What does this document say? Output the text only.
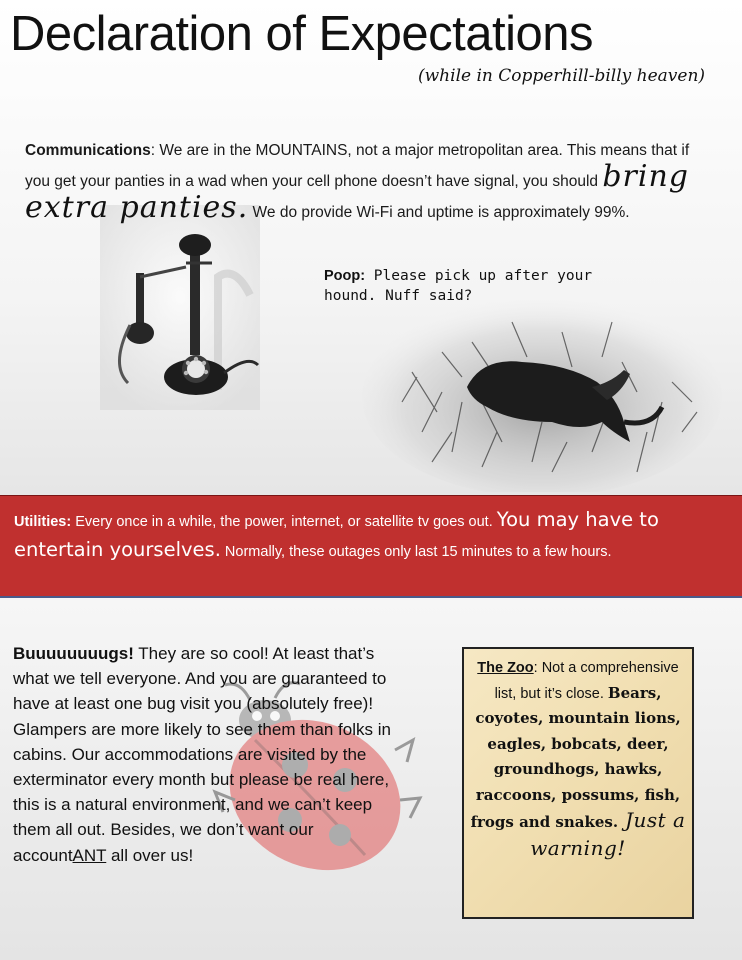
Declaration of Expectations
(while in Copperhill-billy heaven)
Communications: We are in the MOUNTAINS, not a major metropolitan area. This means that if you get your panties in a wad when your cell phone doesn’t have signal, you should bring extra panties. We do provide Wi-Fi and uptime is approximately 99%.
Poop: Please pick up after your hound. Nuff said?
Utilities: Every once in a while, the power, internet, or satellite tv goes out. You may have to entertain yourselves. Normally, these outages only last 15 minutes to a few hours.
Buuuuuuuugs! They are so cool! At least that’s what we tell everyone. And you are guaranteed to have at least one bug visit you (absolutely free)! Glampers are more likely to see them than folks in cabins. Our accommodations are visited by the exterminator every month but please be real here, this is a natural environment, and we can’t keep them all out. Besides, we don’t want our accountANT all over us!
The Zoo: Not a comprehensive list, but it’s close. Bears, coyotes, mountain lions, eagles, bobcats, deer, groundhogs, hawks, raccoons, possums, fish, frogs and snakes. Just a warning!
